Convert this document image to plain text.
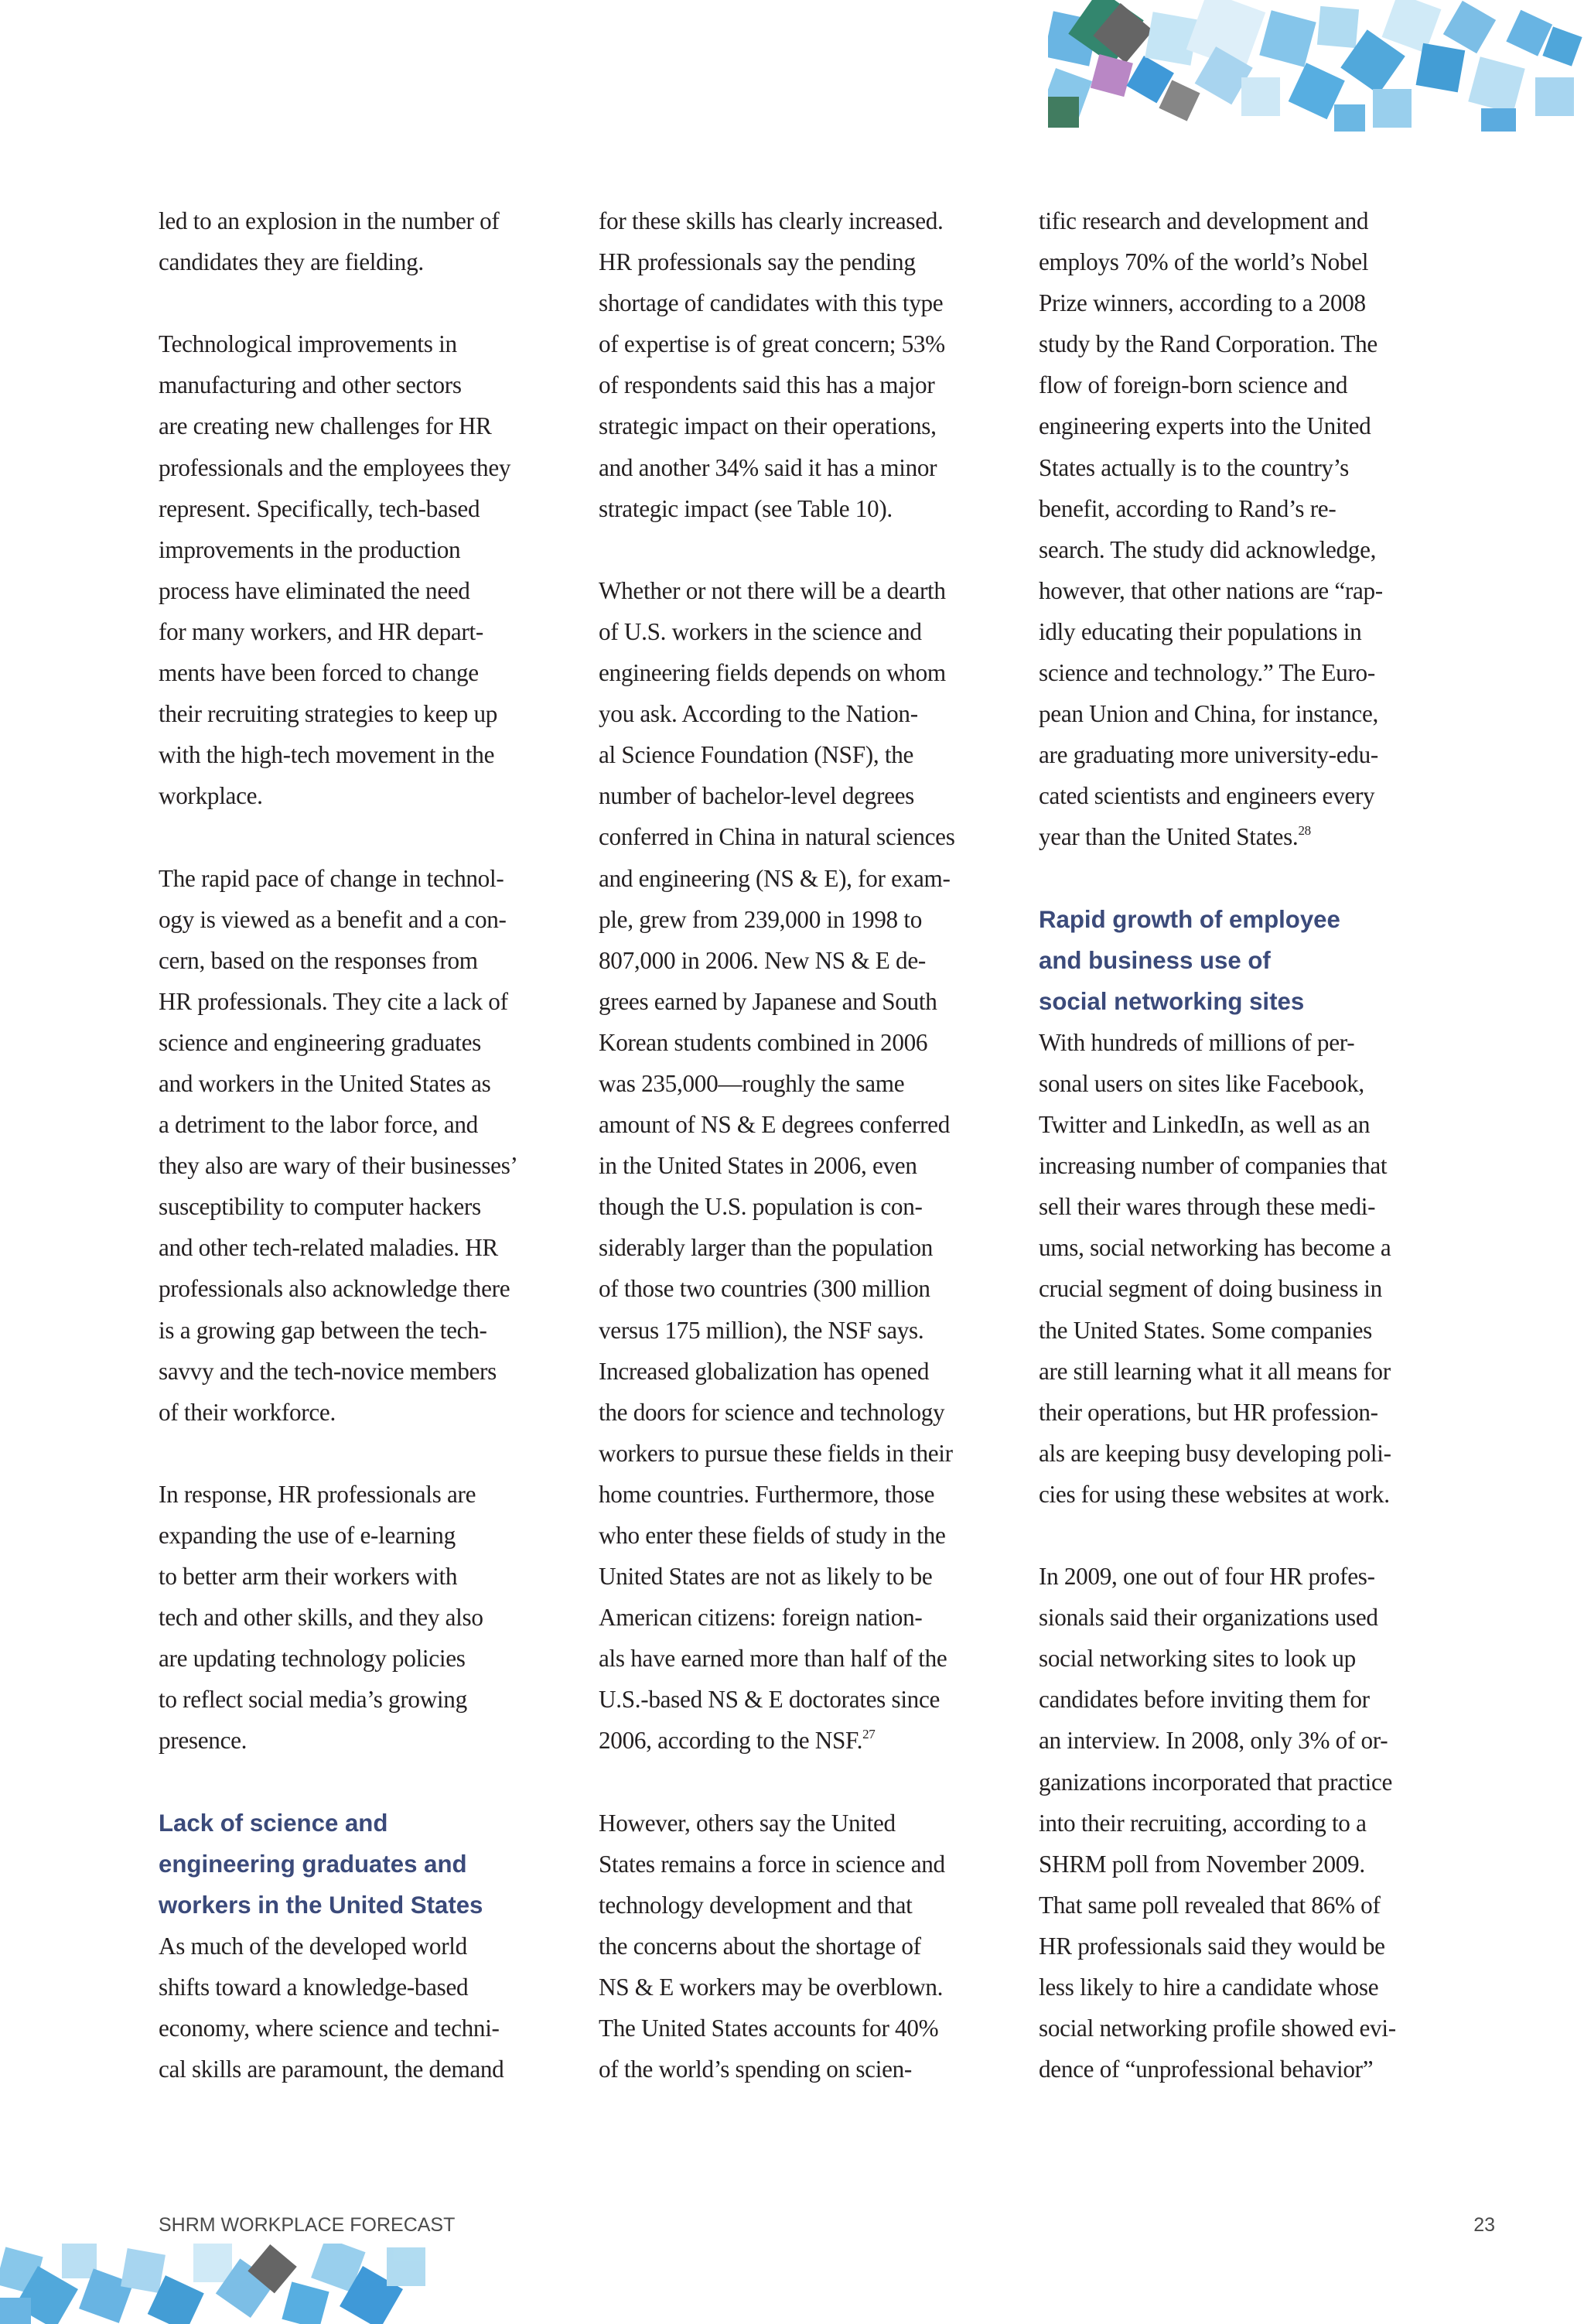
led to an explosion in the number of
candidates they are fielding.
Technological improvements in
manufacturing and other sectors
are creating new challenges for HR
professionals and the employees they
represent. Specifically, tech-based
improvements in the production
process have eliminated the need
for many workers, and HR depart-
ments have been forced to change
their recruiting strategies to keep up
with the high-tech movement in the
workplace.
The rapid pace of change in technol-
ogy is viewed as a benefit and a con-
cern, based on the responses from
HR professionals. They cite a lack of
science and engineering graduates
and workers in the United States as
a detriment to the labor force, and
they also are wary of their businesses’
susceptibility to computer hackers
and other tech-related maladies. HR
professionals also acknowledge there
is a growing gap between the tech-
savvy and the tech-novice members
of their workforce.
In response, HR professionals are
expanding the use of e-learning
to better arm their workers with
tech and other skills, and they also
are updating technology policies
to reflect social media’s growing
presence.
Lack of science and
engineering graduates and
workers in the United States
As much of the developed world
shifts toward a knowledge-based
economy, where science and techni-
cal skills are paramount, the demand
for these skills has clearly increased.
HR professionals say the pending
shortage of candidates with this type
of expertise is of great concern; 53%
of respondents said this has a major
strategic impact on their operations,
and another 34% said it has a minor
strategic impact (see Table 10).
Whether or not there will be a dearth
of U.S. workers in the science and
engineering fields depends on whom
you ask. According to the Nation-
al Science Foundation (NSF), the
number of bachelor-level degrees
conferred in China in natural sciences
and engineering (NS & E), for exam-
ple, grew from 239,000 in 1998 to
807,000 in 2006. New NS & E de-
grees earned by Japanese and South
Korean students combined in 2006
was 235,000—roughly the same
amount of NS & E degrees conferred
in the United States in 2006, even
though the U.S. population is con-
siderably larger than the population
of those two countries (300 million
versus 175 million), the NSF says.
Increased globalization has opened
the doors for science and technology
workers to pursue these fields in their
home countries. Furthermore, those
who enter these fields of study in the
United States are not as likely to be
American citizens: foreign nation-
als have earned more than half of the
U.S.-based NS & E doctorates since
2006, according to the NSF.$^{27}$
However, others say the United
States remains a force in science and
technology development and that
the concerns about the shortage of
NS & E workers may be overblown.
The United States accounts for 40%
of the world’s spending on scien-
tific research and development and
employs 70% of the world’s Nobel
Prize winners, according to a 2008
study by the Rand Corporation. The
flow of foreign-born science and
engineering experts into the United
States actually is to the country’s
benefit, according to Rand’s re-
search. The study did acknowledge,
however, that other nations are “rap-
idly educating their populations in
science and technology.” The Euro-
pean Union and China, for instance,
are graduating more university-edu-
cated scientists and engineers every
year than the United States.$^{28}$
Rapid growth of employee
and business use of
social networking sites
With hundreds of millions of per-
sonal users on sites like Facebook,
Twitter and LinkedIn, as well as an
increasing number of companies that
sell their wares through these medi-
ums, social networking has become a
crucial segment of doing business in
the United States. Some companies
are still learning what it all means for
their operations, but HR profession-
als are keeping busy developing poli-
cies for using these websites at work.
In 2009, one out of four HR profes-
sionals said their organizations used
social networking sites to look up
candidates before inviting them for
an interview. In 2008, only 3% of or-
ganizations incorporated that practice
into their recruiting, according to a
SHRM poll from November 2009.
That same poll revealed that 86% of
HR professionals said they would be
less likely to hire a candidate whose
social networking profile showed evi-
dence of “unprofessional behavior”
SHRM WORKPLACE FORECAST	23
